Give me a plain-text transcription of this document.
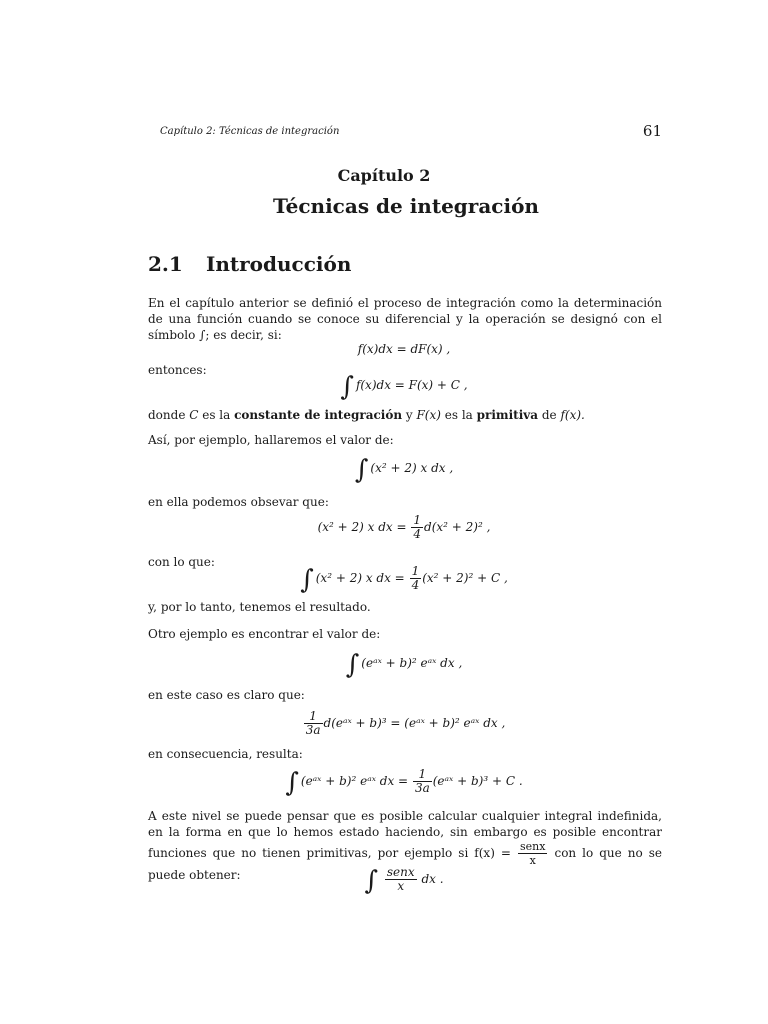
Capítulo 2: Técnicas de integración	61
Capítulo 2
Técnicas de integración
2.1 Introducción
En el capítulo anterior se definió el proceso de integración como la determinación de una función cuando se conoce su diferencial y la operación se designó con el símbolo ∫; es decir, si:
f(x)dx = dF(x) ,
entonces:
∫ f(x)dx = F(x) + C ,
donde C es la constante de integración y F(x) es la primitiva de f(x).
Así, por ejemplo, hallaremos el valor de:
∫ (x² + 2) x dx ,
en ella podemos obsevar que:
(x² + 2) x dx = $\frac{1}{4} d(x^2 + 2)^2$ ,
con lo que:
∫ (x² + 2) x dx = $\frac{1}{4} (x^2 + 2)^2 + C$ ,
y, por lo tanto, tenemos el resultado.
Otro ejemplo es encontrar el valor de:
∫ (eᵃˣ + b)² eᵃˣ dx ,
en este caso es claro que:
$\frac{1}{3a}$ d(eᵃˣ + b)³ = (eᵃˣ + b)² eᵃˣ dx ,
en consecuencia, resulta:
∫ (eᵃˣ + b)² eᵃˣ dx = $\frac{1}{3a}$ (eᵃˣ + b)³ + C .
A este nivel se puede pensar que es posible calcular cualquier integral indefinida, en la forma en que lo hemos estado haciendo, sin embargo es posible encontrar funciones que no tienen primitivas, por ejemplo si $f(x) = \frac{\text{senx}}{x}$ con lo que no se puede obtener:	∫ $\frac{\text{senx}}{x}$ dx .
